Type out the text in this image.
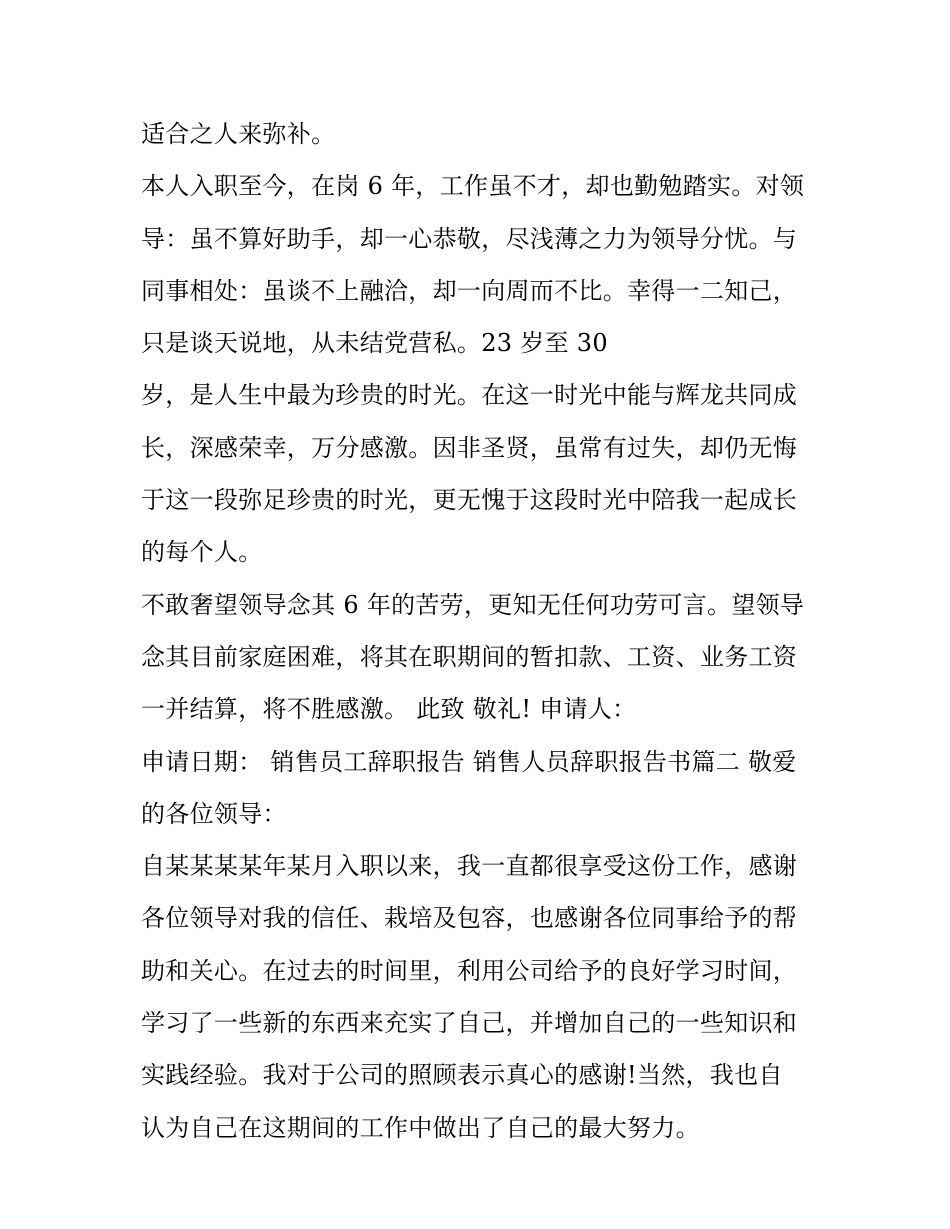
适合之人来弥补。
本人入职至今，在岗 6 年，工作虽不才，却也勤勉踏实。对领
导：虽不算好助手，却一心恭敬，尽浅薄之力为领导分忧。与
同事相处：虽谈不上融洽，却一向周而不比。幸得一二知己，
只是谈天说地，从未结党营私。23 岁至 30
岁，是人生中最为珍贵的时光。在这一时光中能与辉龙共同成
长，深感荣幸，万分感激。因非圣贤，虽常有过失，却仍无悔
于这一段弥足珍贵的时光，更无愧于这段时光中陪我一起成长
的每个人。
不敢奢望领导念其 6 年的苦劳，更知无任何功劳可言。望领导
念其目前家庭困难，将其在职期间的暂扣款、工资、业务工资
一并结算，将不胜感激。 此致 敬礼! 申请人：
申请日期： 销售员工辞职报告 销售人员辞职报告书篇二 敬爱
的各位领导：
自某某某某年某月入职以来，我一直都很享受这份工作，感谢
各位领导对我的信任、栽培及包容，也感谢各位同事给予的帮
助和关心。在过去的时间里，利用公司给予的良好学习时间，
学习了一些新的东西来充实了自己，并增加自己的一些知识和
实践经验。我对于公司的照顾表示真心的感谢!当然，我也自
认为自己在这期间的工作中做出了自己的最大努力。
